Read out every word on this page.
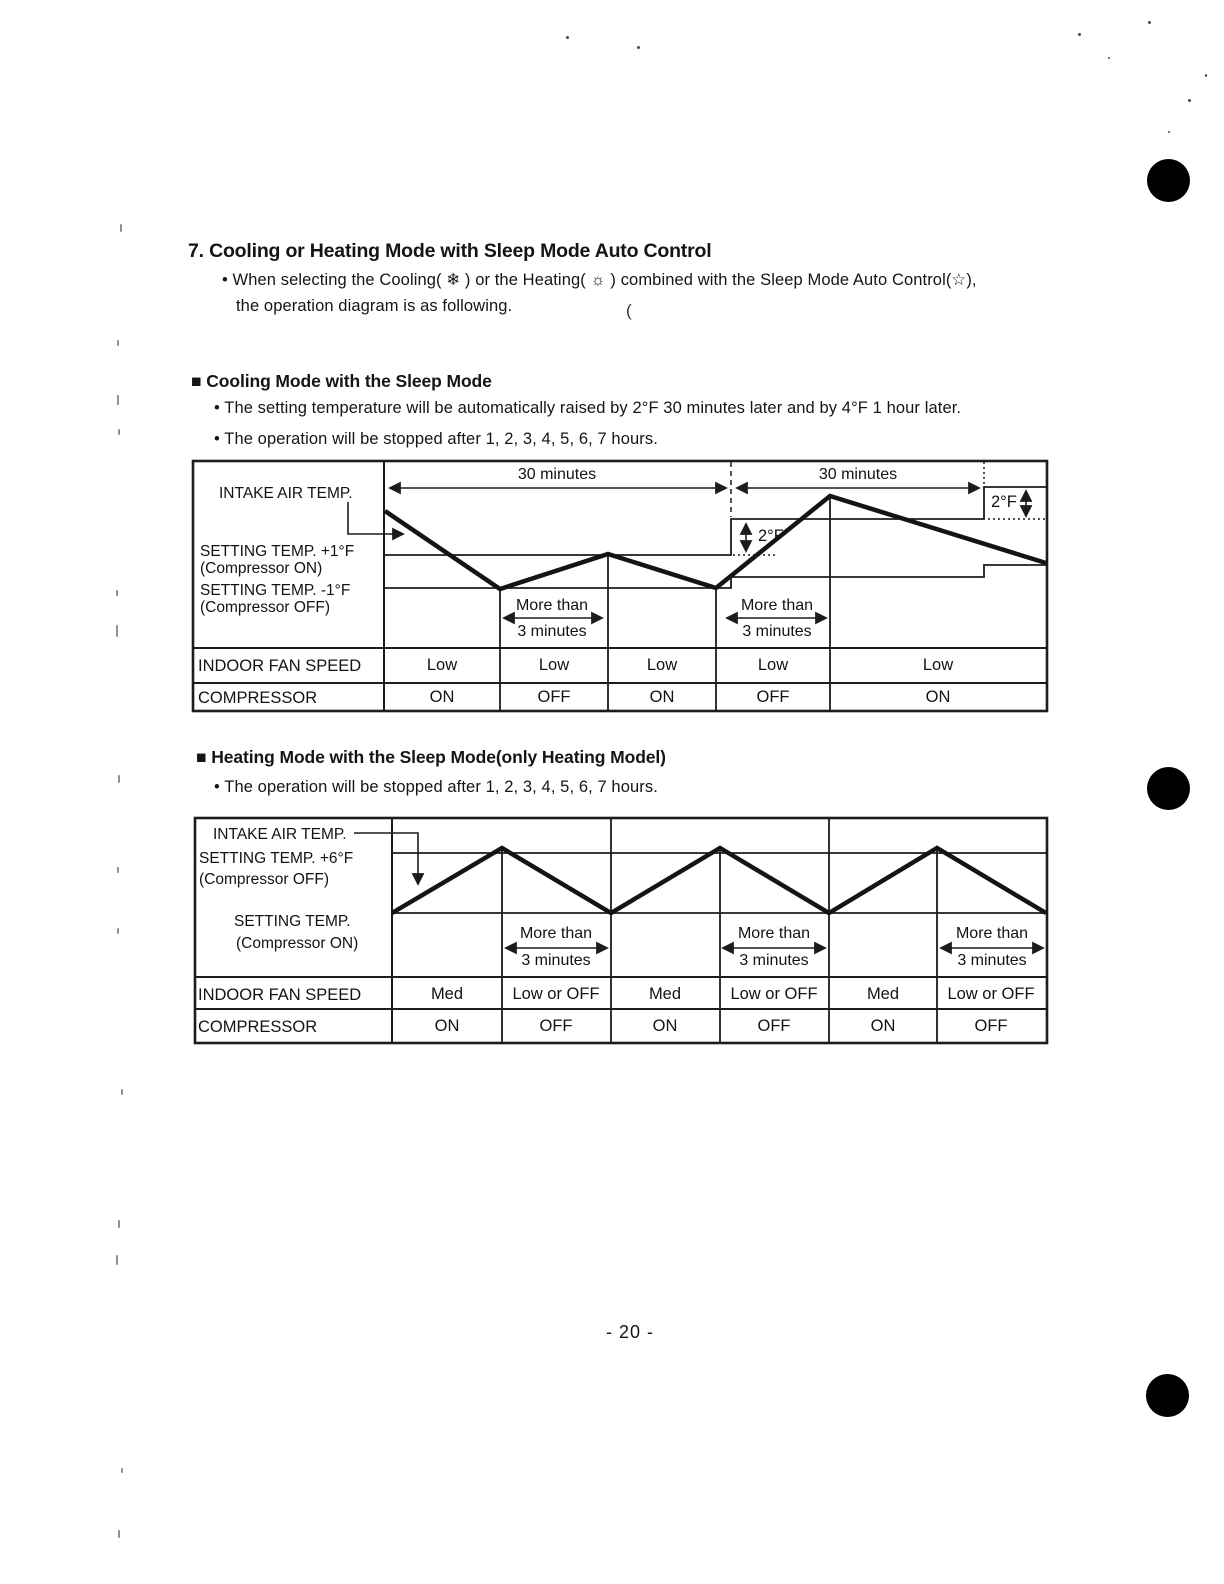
7. Cooling or Heating Mode with Sleep Mode Auto Control
• When selecting the Cooling( ❄ ) or the Heating( ☼ ) combined with the Sleep Mode Auto Control(☆),
the operation diagram is as following.	(
■ Cooling Mode with the Sleep Mode
• The setting temperature will be automatically raised by 2°F 30 minutes later and by 4°F 1 hour later.
• The operation will be stopped after 1, 2, 3, 4, 5, 6, 7 hours.
30 minutes	30 minutes
2°F
2°F
More than
3 minutes
More than
3 minutes
INTAKE AIR TEMP.
SETTING TEMP. +1°F
(Compressor ON)
SETTING TEMP. -1°F
(Compressor OFF)
INDOOR FAN SPEED	Low	Low	Low	Low	Low
COMPRESSOR	ON	OFF	ON	OFF	ON
■ Heating Mode with the Sleep Mode(only Heating Model)
• The operation will be stopped after 1, 2, 3, 4, 5, 6, 7 hours.
More than
3 minutes
More than
3 minutes
More than
3 minutes
INTAKE AIR TEMP.
SETTING TEMP. +6°F
(Compressor OFF)
SETTING TEMP.
(Compressor ON)
INDOOR FAN SPEED	Med	Low or OFF	Med	Low or OFF	Med	Low or OFF
COMPRESSOR	ON	OFF	ON	OFF	ON	OFF
- 20 -
